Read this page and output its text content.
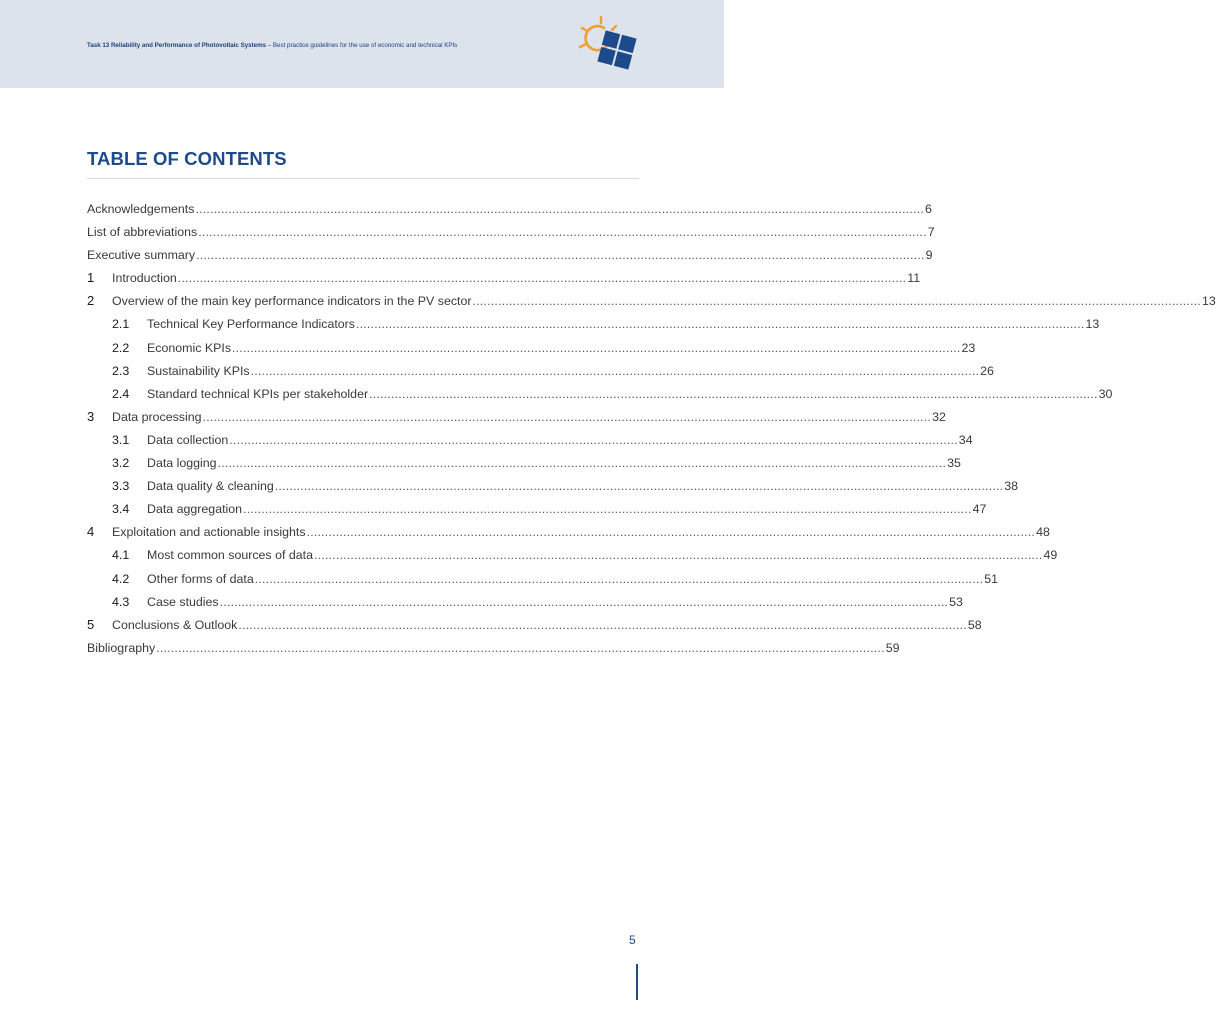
Task 13 Reliability and Performance of Photovoltaic Systems – Best practice guidelines for the use of economic and technical KPIs
TABLE OF CONTENTS
Acknowledgements ........................................................................................................................................................................................................ 6
List of abbreviations ........................................................................................................................................................................................................ 7
Executive summary ........................................................................................................................................................................................................ 9
1	Introduction ........................................................................................................................................................................................................ 11
2	Overview of the main key performance indicators in the PV sector ........................................................................................................................................................................................................ 13
2.1	Technical Key Performance Indicators ........................................................................................................................................................................................................ 13
2.2	Economic KPIs ........................................................................................................................................................................................................ 23
2.3	Sustainability KPIs ........................................................................................................................................................................................................ 26
2.4	Standard technical KPIs per stakeholder ........................................................................................................................................................................................................ 30
3	Data processing ........................................................................................................................................................................................................ 32
3.1	Data collection ........................................................................................................................................................................................................ 34
3.2	Data logging ........................................................................................................................................................................................................ 35
3.3	Data quality & cleaning ........................................................................................................................................................................................................ 38
3.4	Data aggregation ........................................................................................................................................................................................................ 47
4	Exploitation and actionable insights ........................................................................................................................................................................................................ 48
4.1	Most common sources of data ........................................................................................................................................................................................................ 49
4.2	Other forms of data ........................................................................................................................................................................................................ 51
4.3	Case studies ........................................................................................................................................................................................................ 53
5	Conclusions & Outlook ........................................................................................................................................................................................................ 58
Bibliography ........................................................................................................................................................................................................ 59
5
